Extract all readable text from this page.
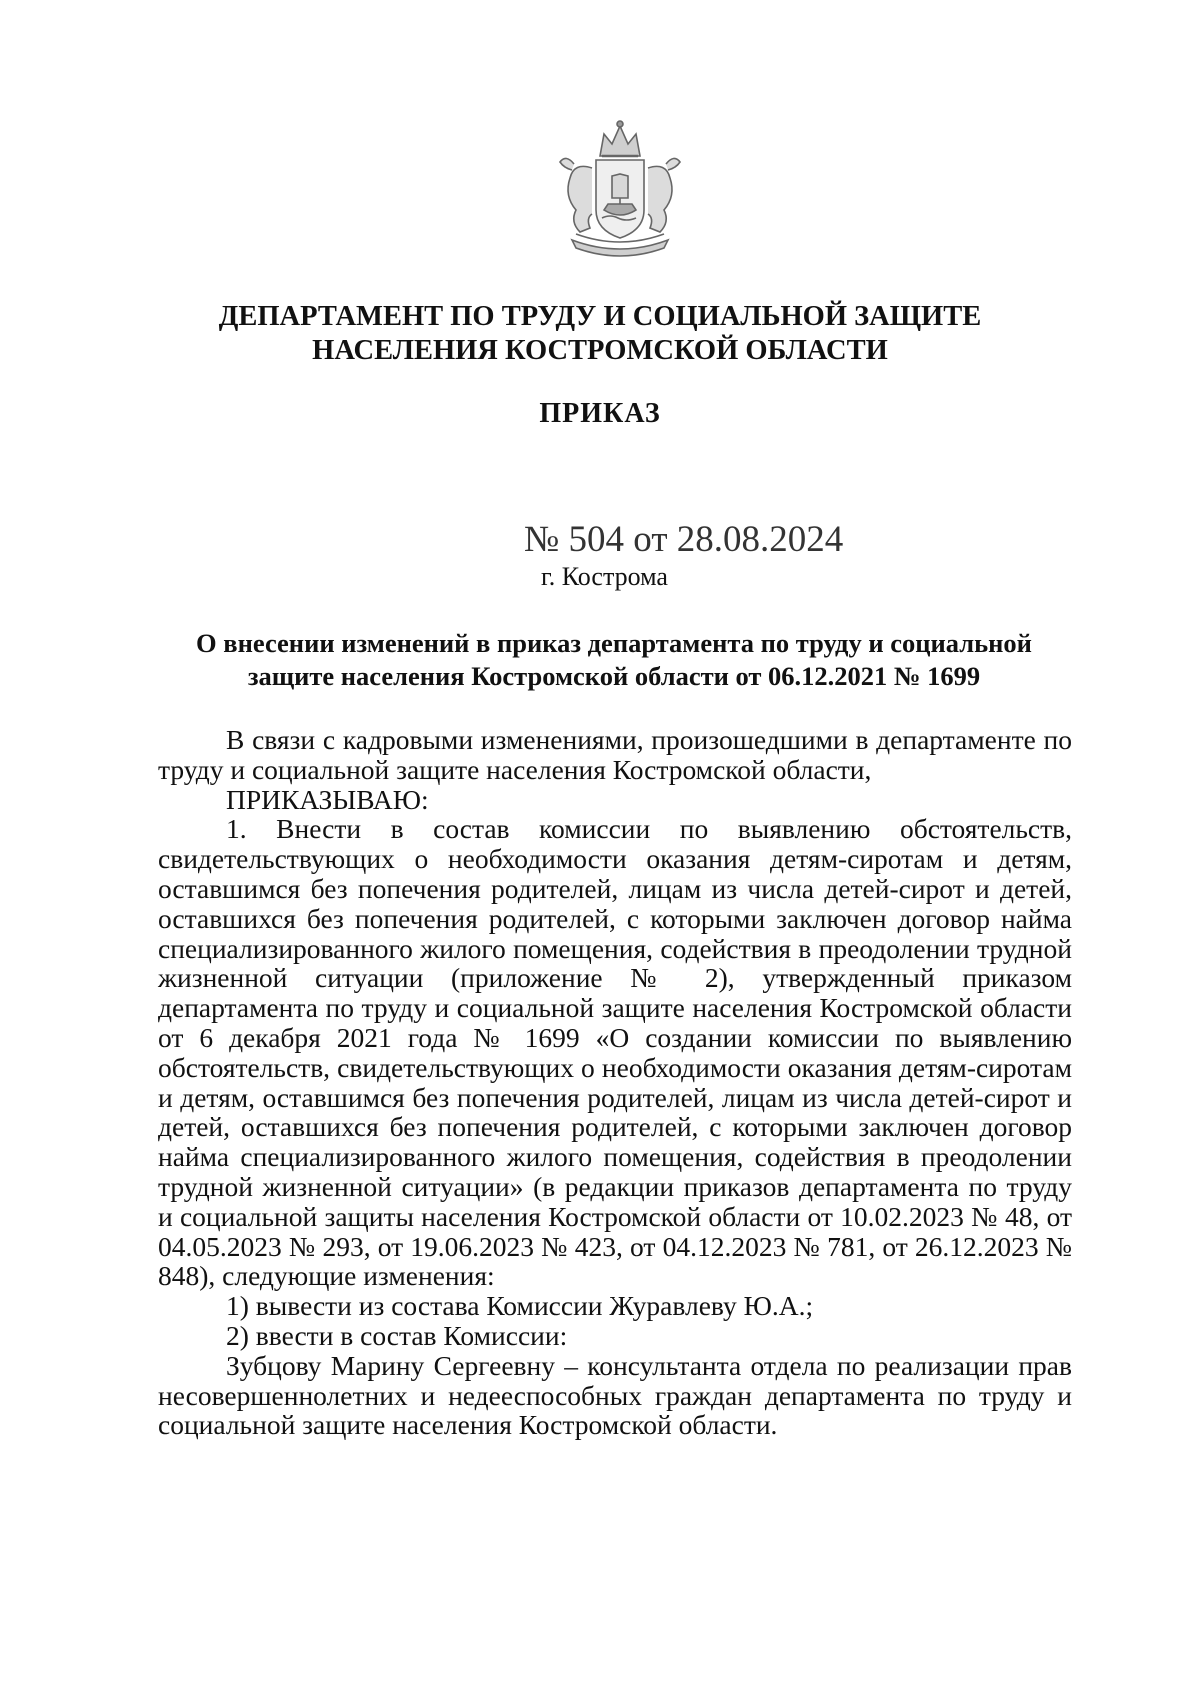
ДЕПАРТАМЕНТ ПО ТРУДУ И СОЦИАЛЬНОЙ ЗАЩИТЕ
НАСЕЛЕНИЯ КОСТРОМСКОЙ ОБЛАСТИ
ПРИКАЗ
№ 504 от 28.08.2024
г. Кострома
О внесении изменений в приказ департамента по труду и социальной
защите населения Костромской области от 06.12.2021 № 1699

В связи с кадровыми изменениями, произошедшими в департаменте по труду и социальной защите населения Костромской области,

ПРИКАЗЫВАЮ:

1. Внести в состав комиссии по выявлению обстоятельств, свидетельствующих о необходимости оказания детям-сиротам и детям, оставшимся без попечения родителей, лицам из числа детей-сирот и детей, оставшихся без попечения родителей, с которыми заключен договор найма специализированного жилого помещения, содействия в преодолении трудной жизненной ситуации (приложение № 2), утвержденный приказом департамента по труду и социальной защите населения Костромской области от 6 декабря 2021 года № 1699 «О создании комиссии по выявлению обстоятельств, свидетельствующих о необходимости оказания детям-сиротам и детям, оставшимся без попечения родителей, лицам из числа детей-сирот и детей, оставшихся без попечения родителей, с которыми заключен договор найма специализированного жилого помещения, содействия в преодолении трудной жизненной ситуации» (в редакции приказов департамента по труду и социальной защиты населения Костромской области от 10.02.2023 № 48, от 04.05.2023 № 293, от 19.06.2023 № 423, от 04.12.2023 № 781, от 26.12.2023 № 848), следующие изменения:

1) вывести из состава Комиссии Журавлеву Ю.А.;

2) ввести в состав Комиссии:

Зубцову Марину Сергеевну – консультанта отдела по реализации прав несовершеннолетних и недееспособных граждан департамента по труду и социальной защите населения Костромской области.
